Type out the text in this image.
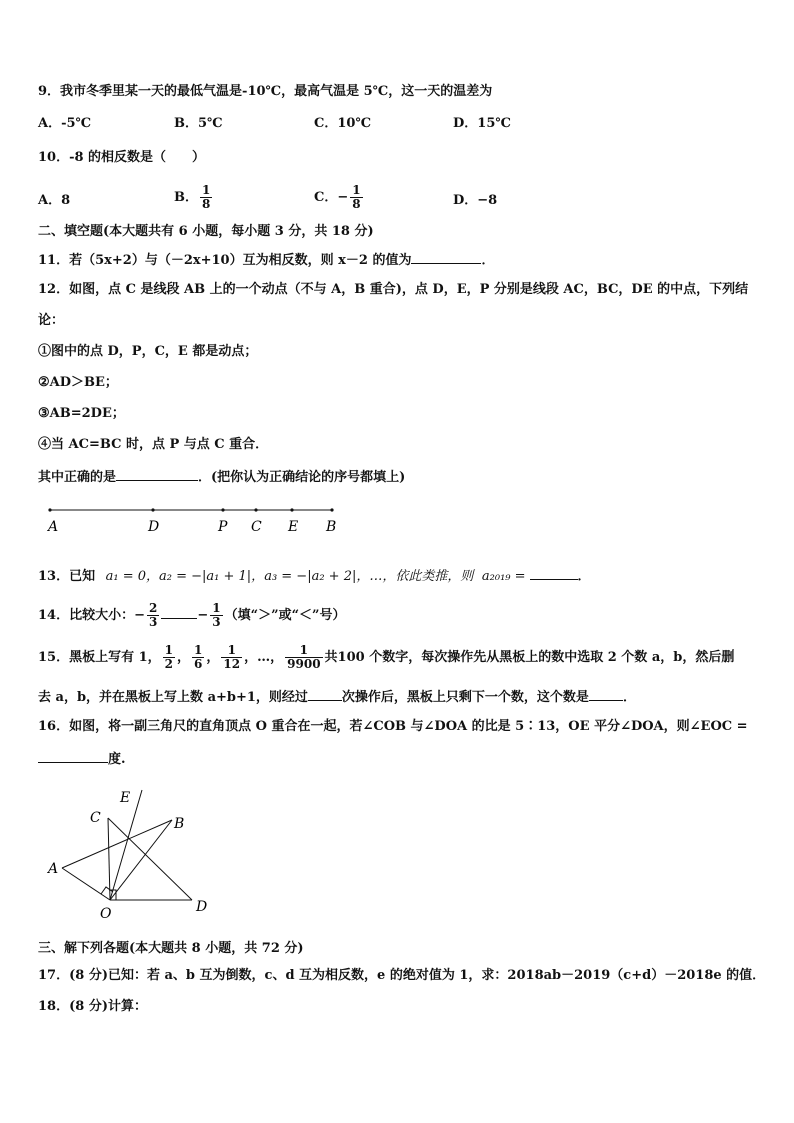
9．我市冬季里某一天的最低气温是-10℃，最高气温是 5℃，这一天的温差为
A．-5℃	B．5℃	C．10℃	D．15℃
10．-8 的相反数是（　　）
A．8	B． $\frac{1}{8}$	C．− $\frac{1}{8}$	D．−8
二、填空题(本大题共有 6 小题，每小题 3 分，共 18 分)
11．若（5x+2）与（－2x+10）互为相反数，则 x－2 的值为	．
12．如图，点 C 是线段 AB 上的一个动点（不与 A，B 重合)，点 D，E，P 分别是线段 AC，BC，DE 的中点，下列结
论：
①图中的点 D，P，C，E 都是动点；
②AD＞BE；
③AB=2DE；
④当 AC=BC 时，点 P 与点 C 重合．
其中正确的是	．(把你认为正确结论的序号都填上)
A	D	P C E B
13．已知 a₁ = 0，a₂ = −|a₁ + 1|，a₃ = −|a₂ + 2|，…，依此类推，则 a₂₀₁₉ =	．
14．比较大小：− $\frac{2}{3}$	− $\frac{1}{3}$ （填“＞”或“＜”号）
15．黑板上写有 1， $\frac{1}{2}$ ， $\frac{1}{6}$ ， $\frac{1}{12}$ ，…， $\frac{1}{9900}$ 共100 个数字，每次操作先从黑板上的数中选取 2 个数 a，b，然后删
去 a，b，并在黑板上写上数 a+b+1，则经过	次操作后，黑板上只剩下一个数，这个数是	．
16．如图，将一副三角尺的直角顶点 O 重合在一起，若∠COB 与∠DOA 的比是 5∶13，OE 平分∠DOA，则∠EOC =
度.
E
C	B
A
O	D
三、解下列各题(本大题共 8 小题，共 72 分)
17．(8 分)已知：若 a、b 互为倒数，c、d 互为相反数，e 的绝对值为 1，求：2018ab－2019（c+d）－2018e 的值．
18．(8 分)计算：
